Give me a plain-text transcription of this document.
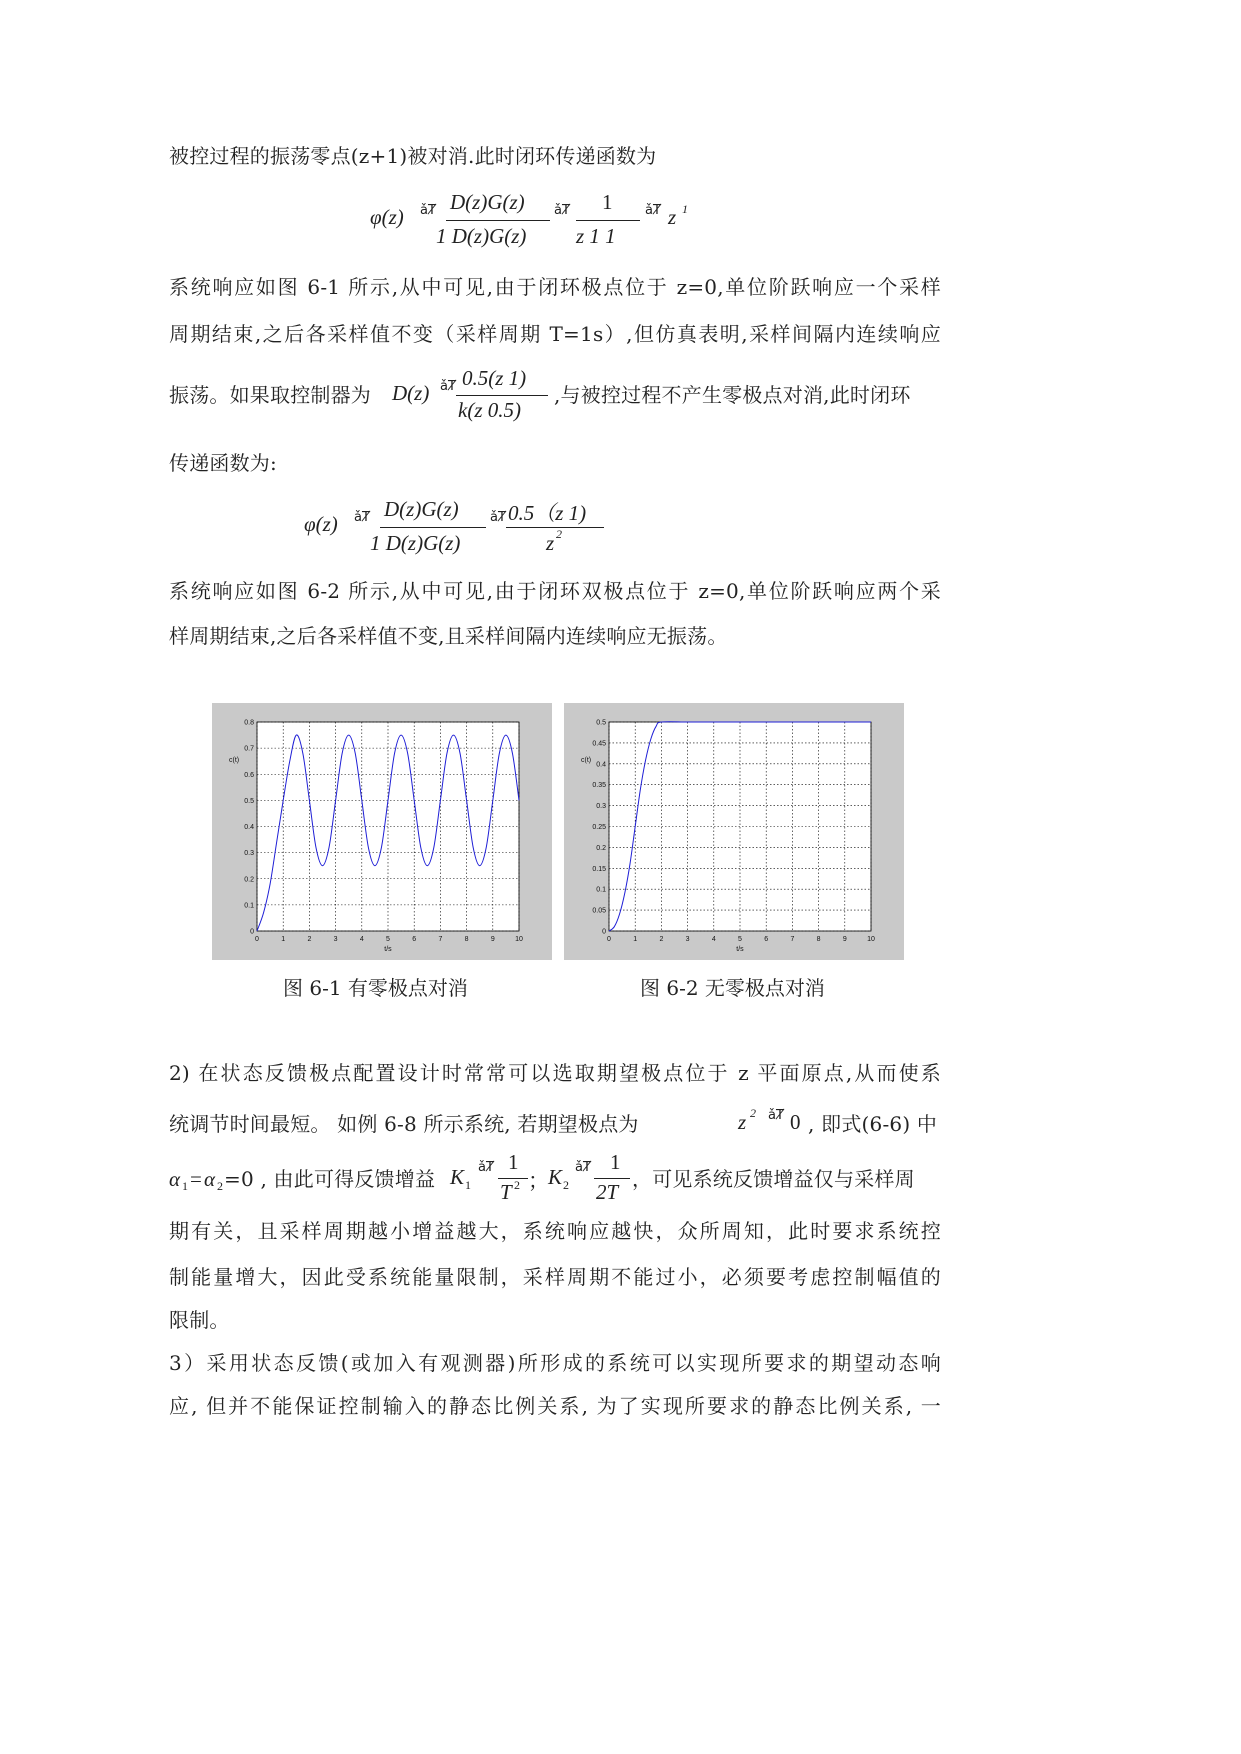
被控过程的振荡零点(z+1)被对消.此时闭环传递函数为
φ(z) ǎȾ D(z)G(z)
1 D(z)G(z)
ǎȾ 1
z 1 1
ǎȾ z 1
系统响应如图 6-1 所示,从中可见,由于闭环极点位于 z=0,单位阶跃响应一个采样
周期结束,之后各采样值不变（采样周期 T=1s）,但仿真表明,采样间隔内连续响应
振荡。如果取控制器为 D(z) ǎȾ 0.5(z 1)
k(z 0.5)
,与被控过程不产生零极点对消,此时闭环
传递函数为:
φ(z) ǎȾ D(z)G(z)
1 D(z)G(z)
ǎȾ 0.5（z 1)
z 2
系统响应如图 6-2 所示,从中可见,由于闭环双极点位于 z=0,单位阶跃响应两个采
样周期结束,之后各采样值不变,且采样间隔内连续响应无振荡。
0	1	2	3	4	5	6	7	8	9	10
0
0.1
0.2
0.3
0.4
0.5
0.6
0.7
0.8
t/s
c(t)
0	1	2	3	4	5	6	7	8	9	10
0
0.05
0.1
0.15
0.2
0.25
0.3
0.35
0.4
0.45
0.5
t/s
c(t)
图 6-1 有零极点对消	图 6-2 无零极点对消
2) 在状态反馈极点配置设计时常常可以选取期望极点位于 z 平面原点,从而使系
统调节时间最短。 如例 6-8 所示系统, 若期望极点为	z 2 ǎȾ 0 , 即式(6-6) 中
α 1 = α 2 =0 , 由此可得反馈增益 K 1
ǎȾ 1
T 2 ； K 2
ǎȾ 1
2T
，可见系统反馈增益仅与采样周
期有关，且采样周期越小增益越大，系统响应越快，众所周知，此时要求系统控
制能量增大，因此受系统能量限制，采样周期不能过小，必须要考虑控制幅值的
限制。
3）采用状态反馈(或加入有观测器)所形成的系统可以实现所要求的期望动态响
应, 但并不能保证控制输入的静态比例关系, 为了实现所要求的静态比例关系, 一
